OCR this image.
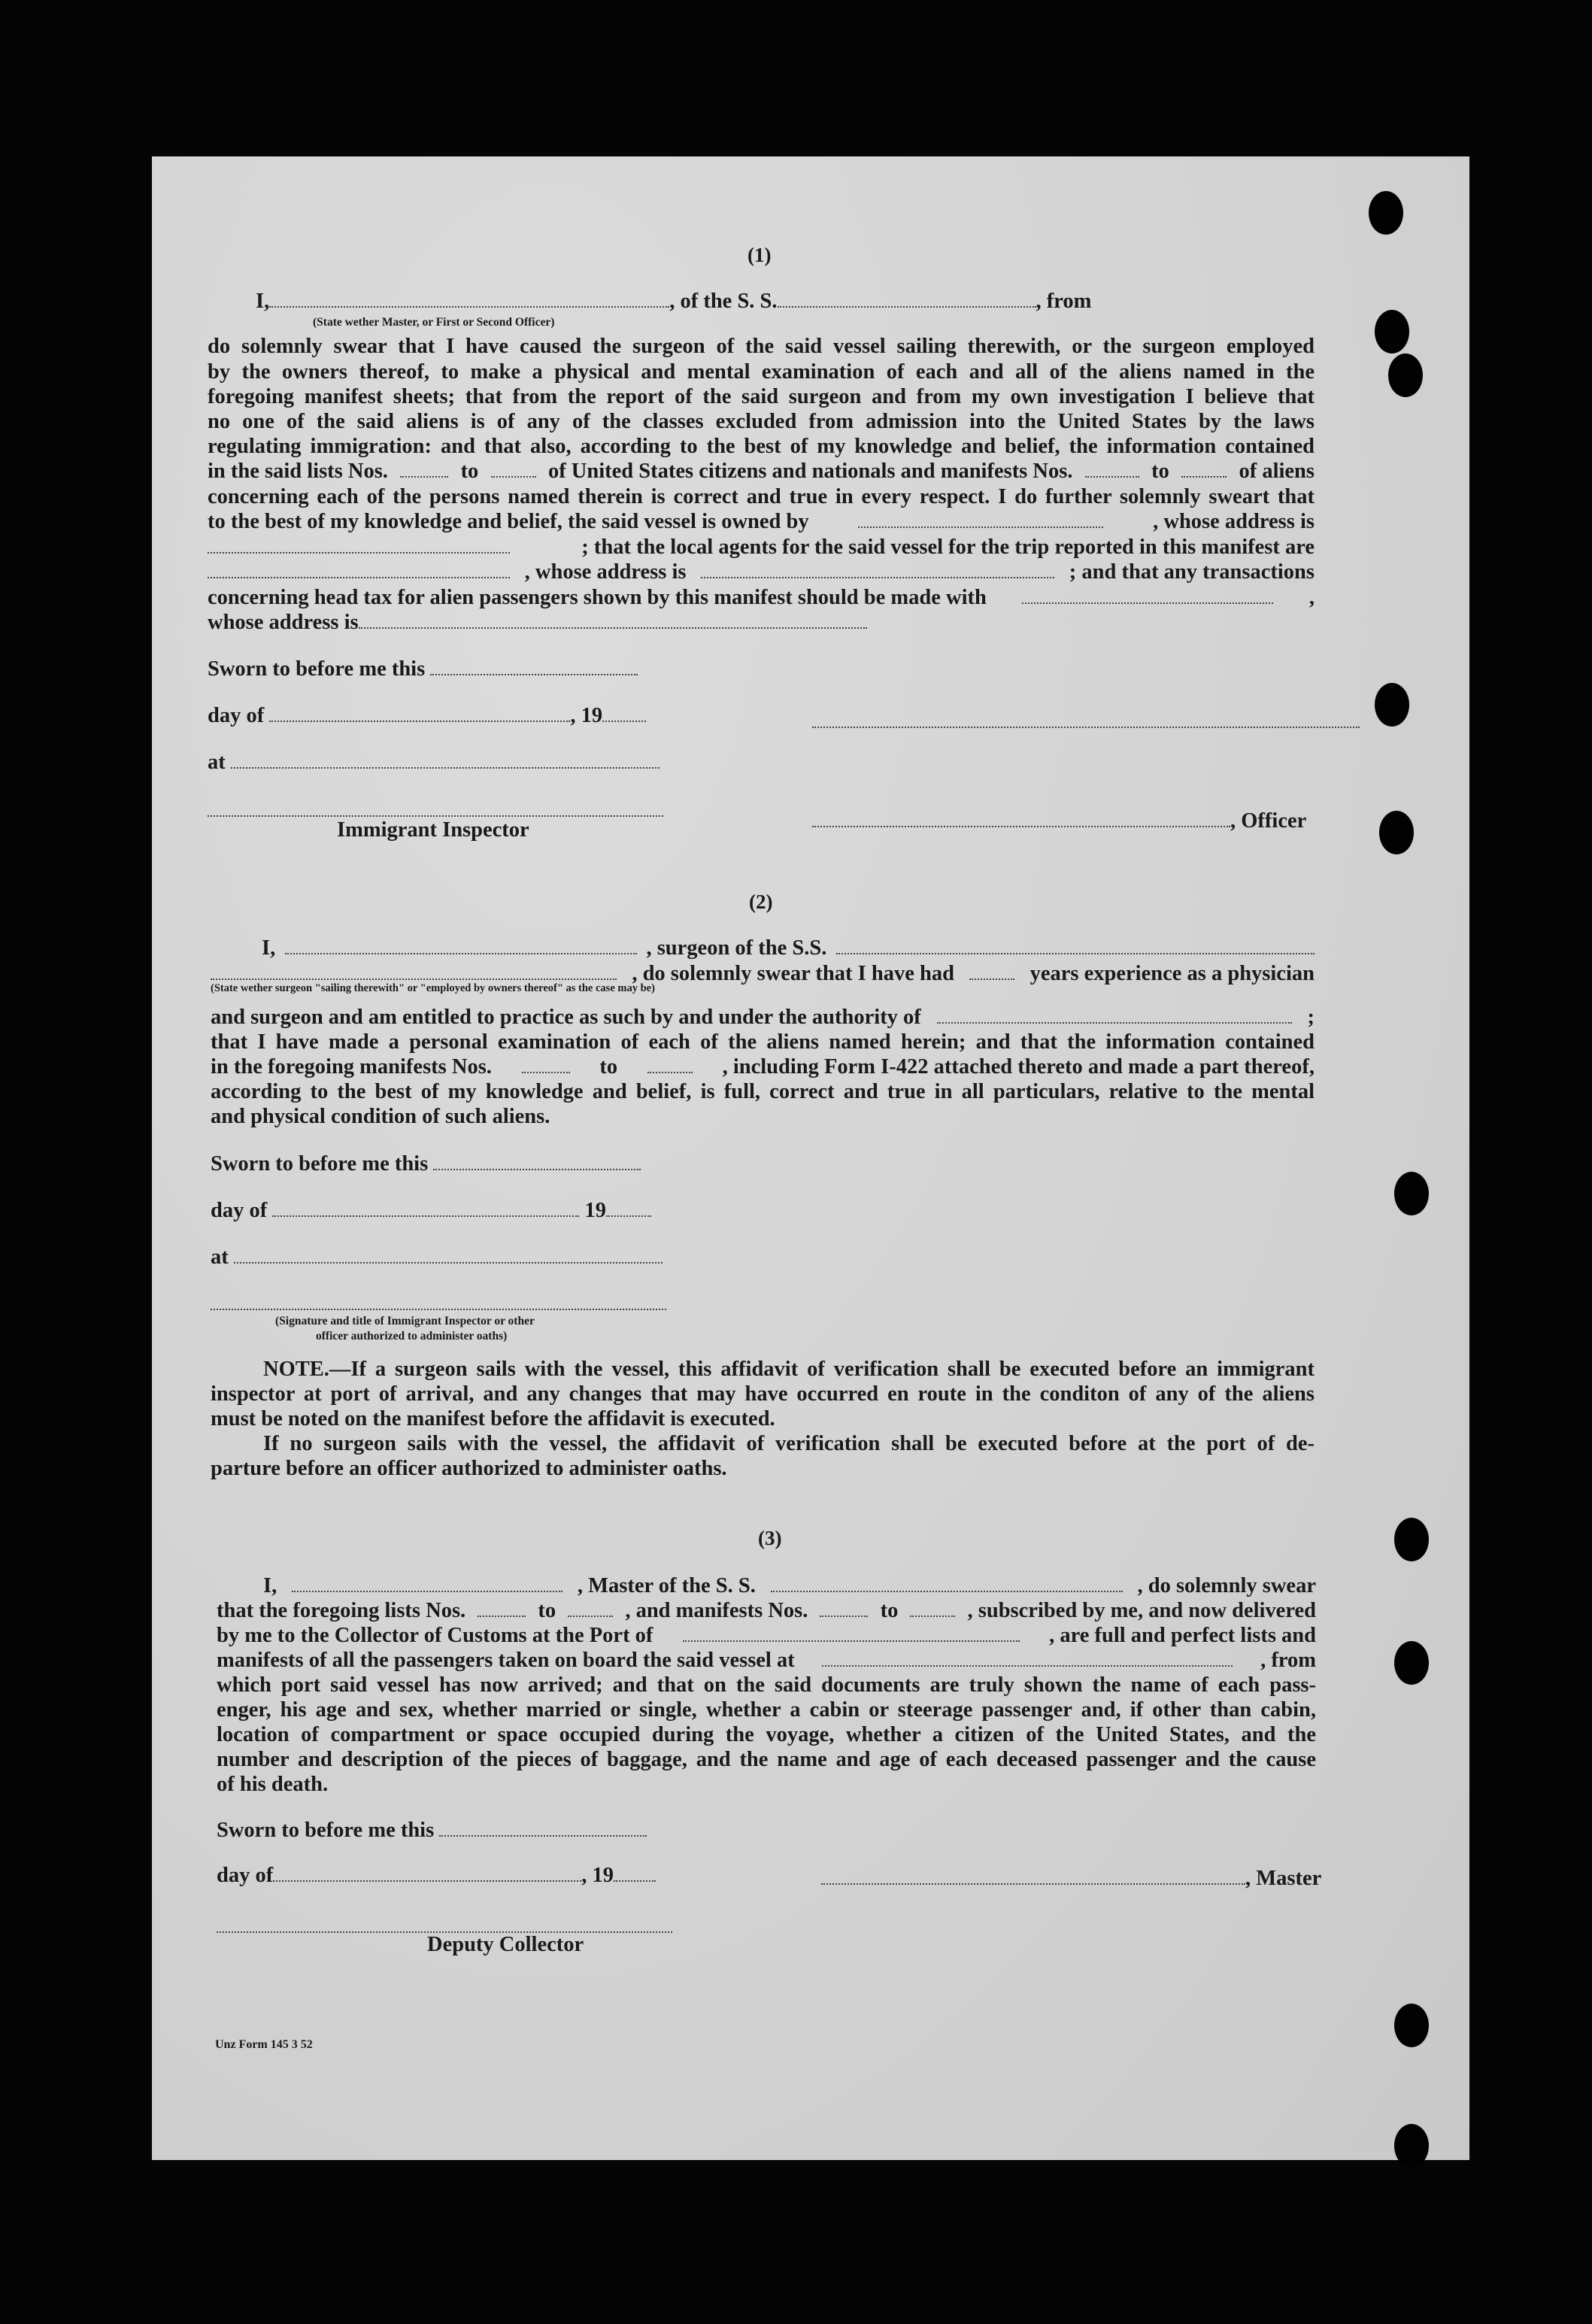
(1)
I,	, of the S. S.	, from
(State wether Master, or First or Second Officer)
do solemnly swear that I have caused the surgeon of the said vessel sailing therewith, or the surgeon employed
by the owners thereof, to make a physical and mental examination of each and all of the aliens named in the
foregoing manifest sheets; that from the report of the said surgeon and from my own investigation I believe that
no one of the said aliens is of any of the classes excluded from admission into the United States by the laws
regulating immigration: and that also, according to the best of my knowledge and belief, the information contained
in the said lists Nos.	to	of United States citizens and nationals and manifests Nos.	to	of aliens
concerning each of the persons named therein is correct and true in every respect. I do further solemnly sweart that
to the best of my knowledge and belief, the said vessel is owned by	, whose address is
; that the local agents for the said vessel for the trip reported in this manifest are
, whose address is	; and that any transactions
concerning head tax for alien passengers shown by this manifest should be made with	,
whose address is
Sworn to before me this
day of	, 19
at
Immigrant Inspector	, Officer
(2)
I,	, surgeon of the S.S.
, do solemnly swear that I have had	years experience as a physician
(State wether surgeon "sailing therewith" or "employed by owners thereof" as the case may be)
and surgeon and am entitled to practice as such by and under the authority of	;
that I have made a personal examination of each of the aliens named herein; and that the information contained
in the foregoing manifests Nos.	to	, including Form I-422 attached thereto and made a part thereof,
according to the best of my knowledge and belief, is full, correct and true in all particulars, relative to the mental
and physical condition of such aliens.
Sworn to before me this
day of	19
at
(Signature and title of Immigrant Inspector or other
officer authorized to administer oaths)
NOTE.—If a surgeon sails with the vessel, this affidavit of verification shall be executed before an immigrant
inspector at port of arrival, and any changes that may have occurred en route in the conditon of any of the aliens
must be noted on the manifest before the affidavit is executed.
If no surgeon sails with the vessel, the affidavit of verification shall be executed before at the port of de-
parture before an officer authorized to administer oaths.
(3)
I,	, Master of the S. S.	, do solemnly swear
that the foregoing lists Nos.	to	, and manifests Nos.	to	, subscribed by me, and now delivered
by me to the Collector of Customs at the Port of	, are full and perfect lists and
manifests of all the passengers taken on board the said vessel at	, from
which port said vessel has now arrived; and that on the said documents are truly shown the name of each pass-
enger, his age and sex, whether married or single, whether a cabin or steerage passenger and, if other than cabin,
location of compartment or space occupied during the voyage, whether a citizen of the United States, and the
number and description of the pieces of baggage, and the name and age of each deceased passenger and the cause
of his death.
Sworn to before me this
day of	, 19	, Master
Deputy Collector
Unz Form 145 3 52
